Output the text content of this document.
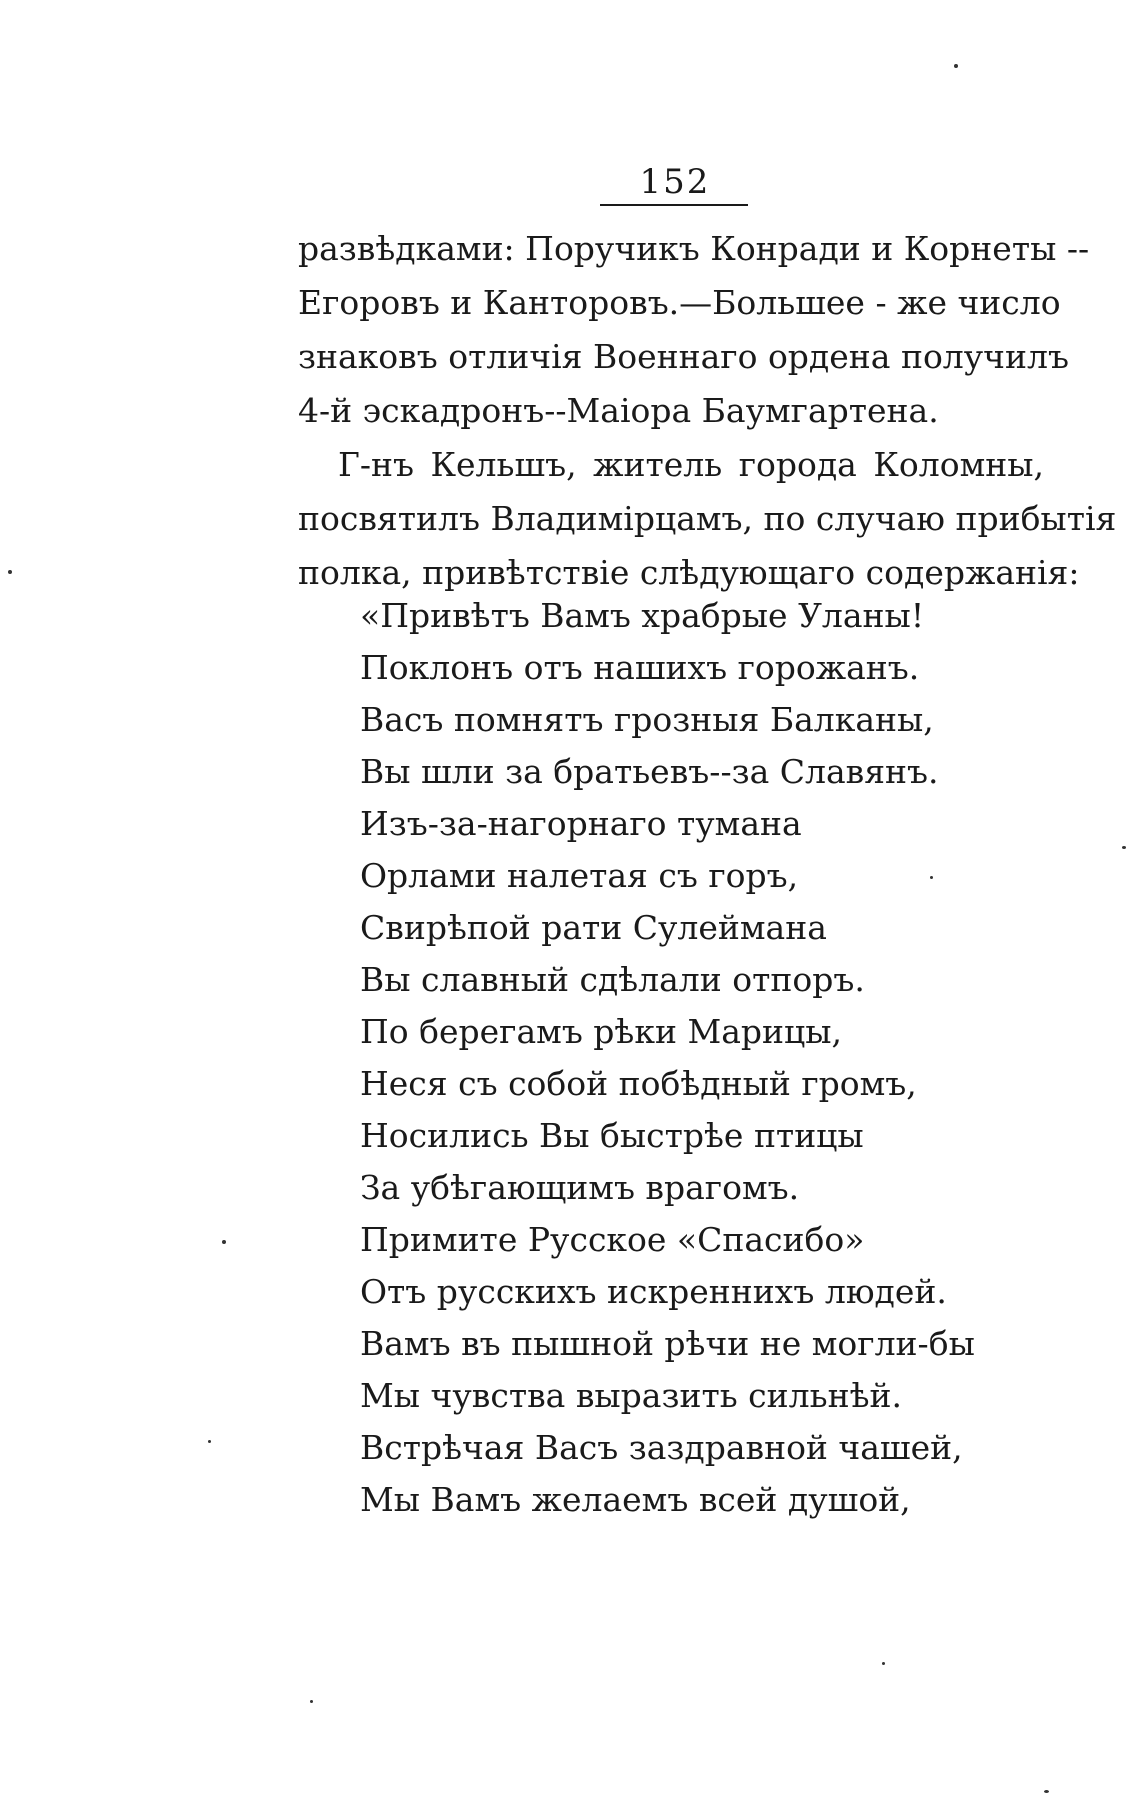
152
развѣдками: Поручикъ Конради и Корнеты --
Егоровъ и Канторовъ.—Большее - же число
знаковъ отличія Военнаго ордена получилъ
4-й эскадронъ--Маіора Баумгартена.
Г-нъ Кельшъ, житель города Коломны,
посвятилъ Владимірцамъ, по случаю прибытія
полка, привѣтствіе слѣдующаго содержанія:
«Привѣтъ Вамъ храбрые Уланы!
Поклонъ отъ нашихъ горожанъ.
Васъ помнятъ грозныя Балканы,
Вы шли за братьевъ--за Славянъ.
Изъ-за-нагорнаго тумана
Орлами налетая съ горъ,
Свирѣпой рати Сулеймана
Вы славный сдѣлали отпоръ.
По берегамъ рѣки Марицы,
Неся съ собой побѣдный громъ,
Носились Вы быстрѣе птицы
За убѣгающимъ врагомъ.
Примите Русское «Спасибо»
Отъ русскихъ искреннихъ людей.
Вамъ въ пышной рѣчи не могли-бы
Мы чувства выразить сильнѣй.
Встрѣчая Васъ заздравной чашей,
Мы Вамъ желаемъ всей душой,
